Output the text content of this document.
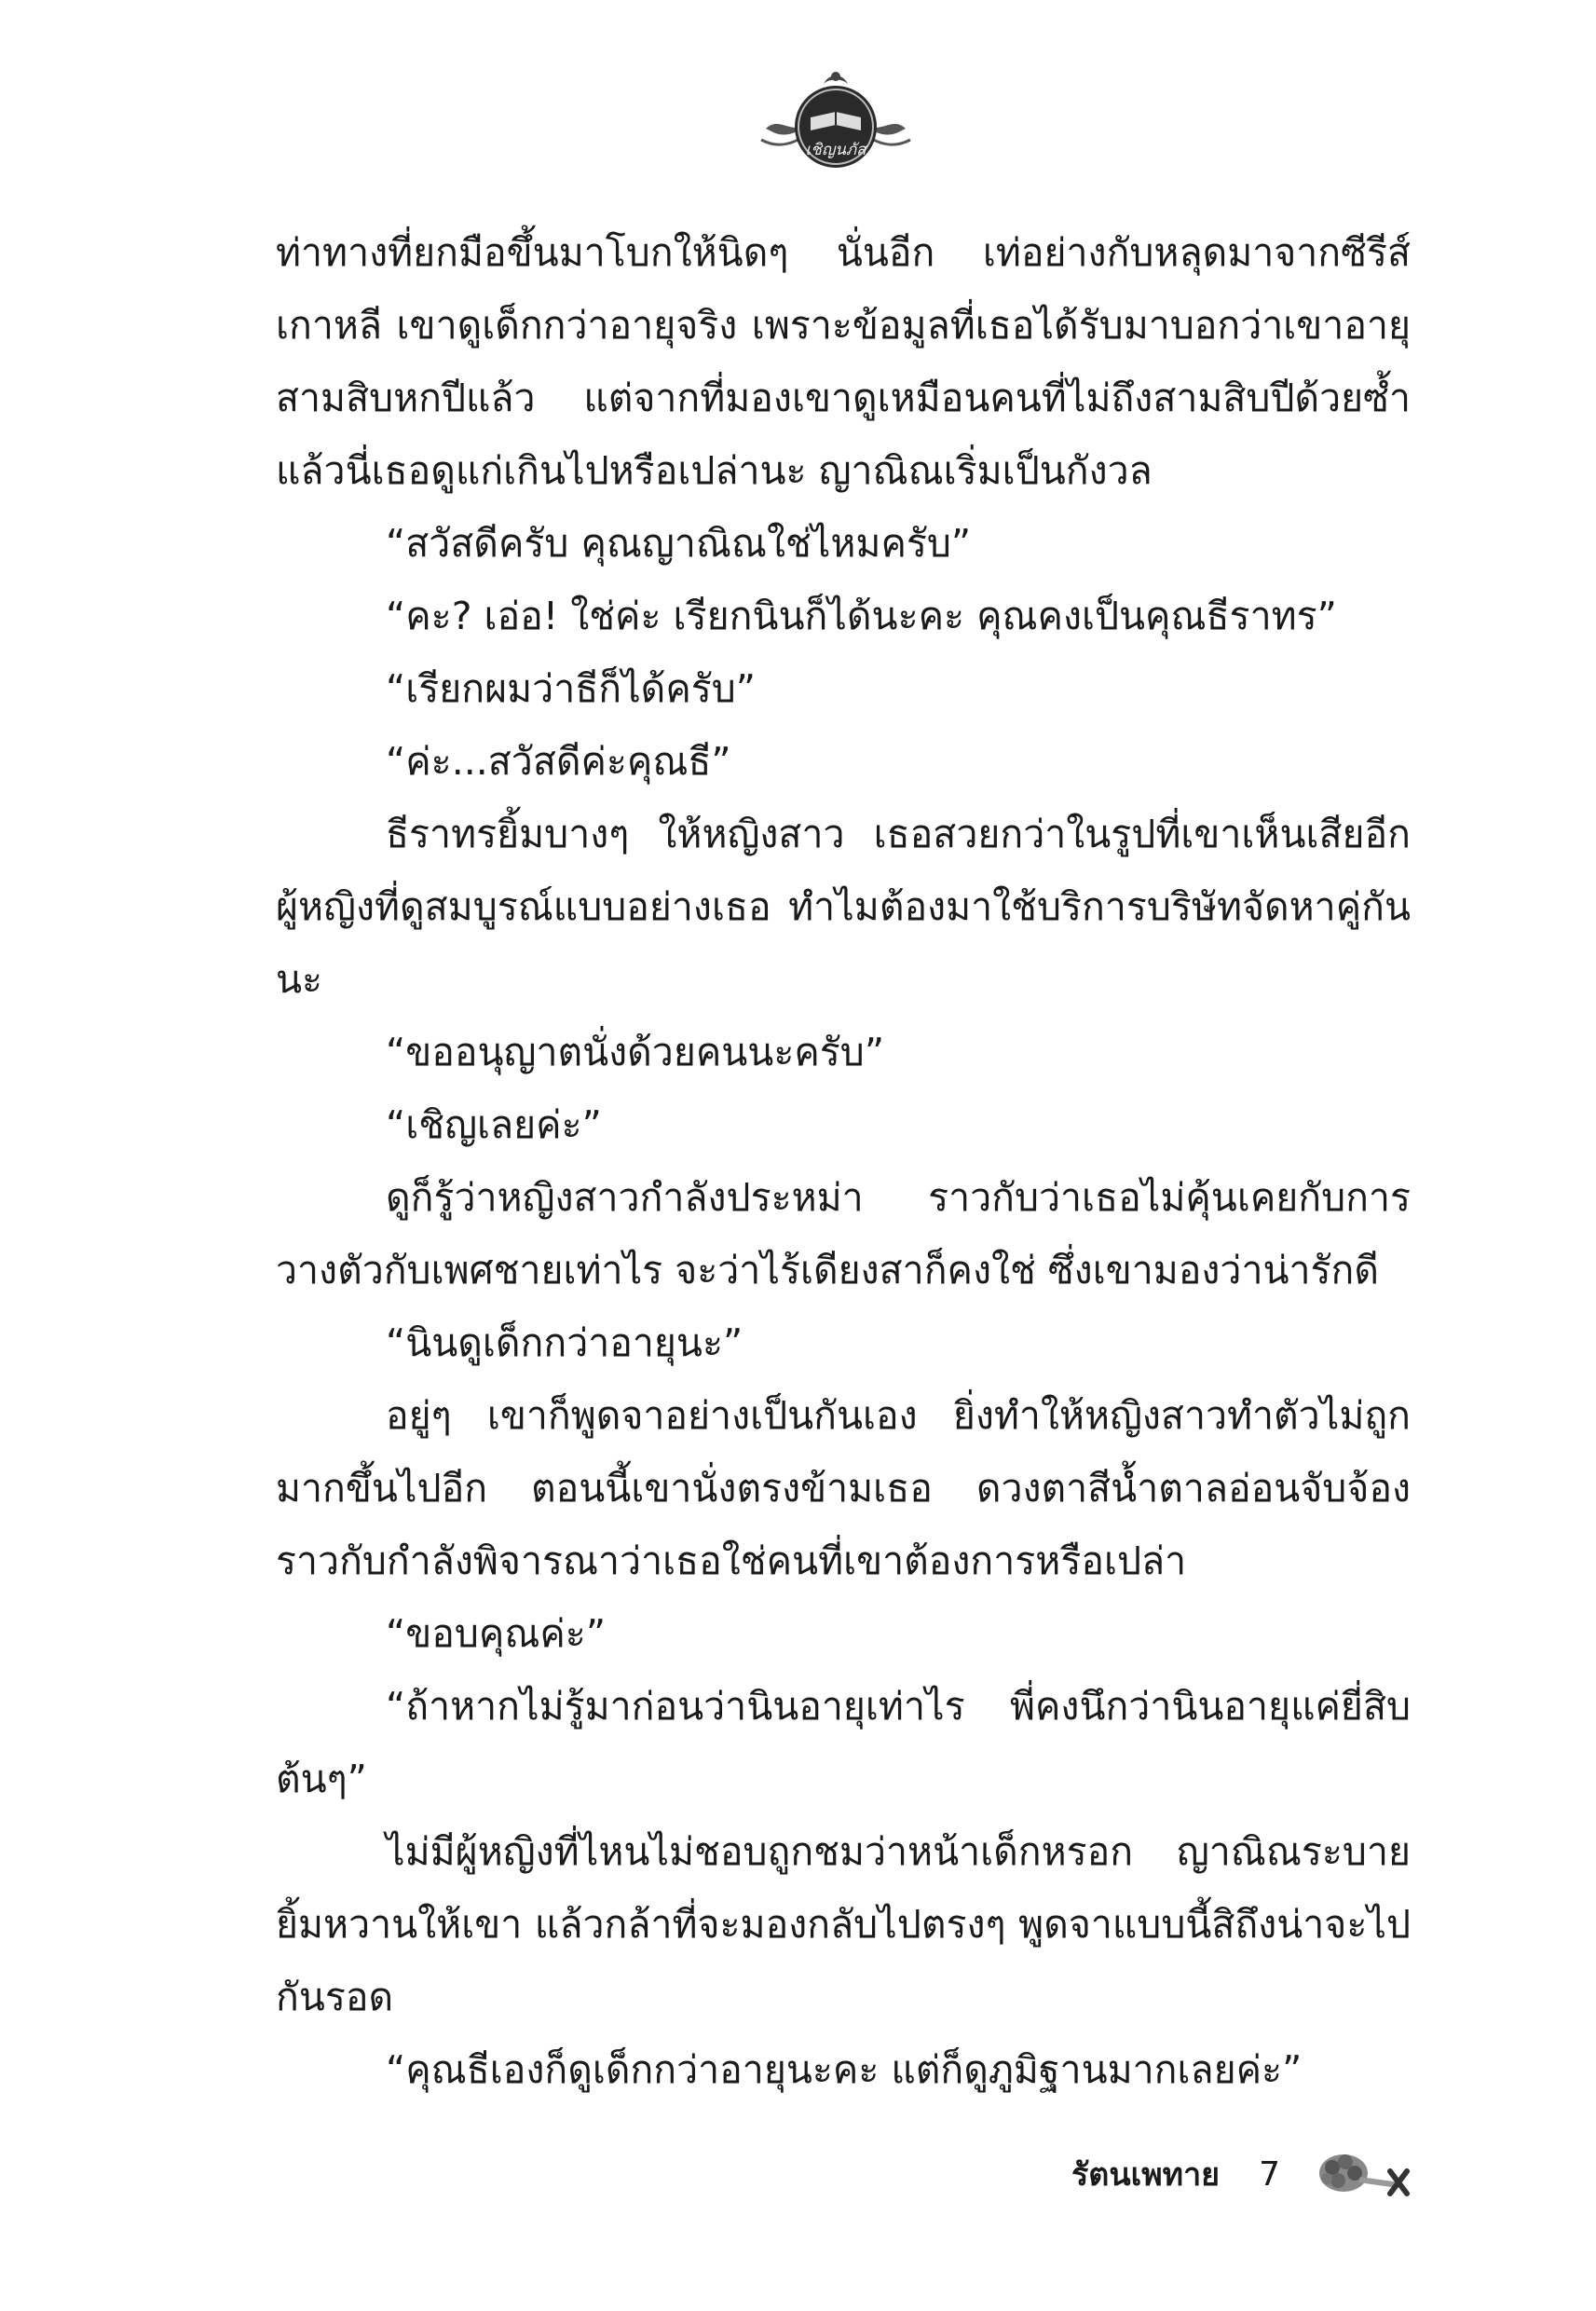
เชิญนภัส

ท่าทางที่ยกมือขึ้นมาโบกให้นิดๆ นั่นอีก เท่อย่างกับหลุดมาจากซีรีส์เกาหลี เขาดูเด็กกว่าอายุจริง เพราะข้อมูลที่เธอได้รับมาบอกว่าเขาอายุสามสิบหกปีแล้ว แต่จากที่มองเขาดูเหมือนคนที่ไม่ถึงสามสิบปีด้วยซ้ำ แล้วนี่เธอดูแก่เกินไปหรือเปล่านะ ญาณิณเริ่มเป็นกังวล

“สวัสดีครับ คุณญาณิณใช่ไหมครับ”

“คะ? เอ่อ! ใช่ค่ะ เรียกนินก็ได้นะคะ คุณคงเป็นคุณธีราทร”

“เรียกผมว่าธีก็ได้ครับ”

“ค่ะ...สวัสดีค่ะคุณธี”

ธีราทรยิ้มบางๆ ให้หญิงสาว เธอสวยกว่าในรูปที่เขาเห็นเสียอีก ผู้หญิงที่ดูสมบูรณ์แบบอย่างเธอ ทำไมต้องมาใช้บริการบริษัทจัดหาคู่กันนะ

“ขออนุญาตนั่งด้วยคนนะครับ”

“เชิญเลยค่ะ”

ดูก็รู้ว่าหญิงสาวกำลังประหม่า ราวกับว่าเธอไม่คุ้นเคยกับการวางตัวกับเพศชายเท่าไร จะว่าไร้เดียงสาก็คงใช่ ซึ่งเขามองว่าน่ารักดี

“นินดูเด็กกว่าอายุนะ”

อยู่ๆ เขาก็พูดจาอย่างเป็นกันเอง ยิ่งทำให้หญิงสาวทำตัวไม่ถูกมากขึ้นไปอีก ตอนนี้เขานั่งตรงข้ามเธอ ดวงตาสีน้ำตาลอ่อนจับจ้องราวกับกำลังพิจารณาว่าเธอใช่คนที่เขาต้องการหรือเปล่า

“ขอบคุณค่ะ”

“ถ้าหากไม่รู้มาก่อนว่านินอายุเท่าไร พี่คงนึกว่านินอายุแค่ยี่สิบต้นๆ”

ไม่มีผู้หญิงที่ไหนไม่ชอบถูกชมว่าหน้าเด็กหรอก ญาณิณระบายยิ้มหวานให้เขา แล้วกล้าที่จะมองกลับไปตรงๆ พูดจาแบบนี้สิถึงน่าจะไปกันรอด

“คุณธีเองก็ดูเด็กกว่าอายุนะคะ แต่ก็ดูภูมิฐานมากเลยค่ะ”

รัตนเพทาย 7
